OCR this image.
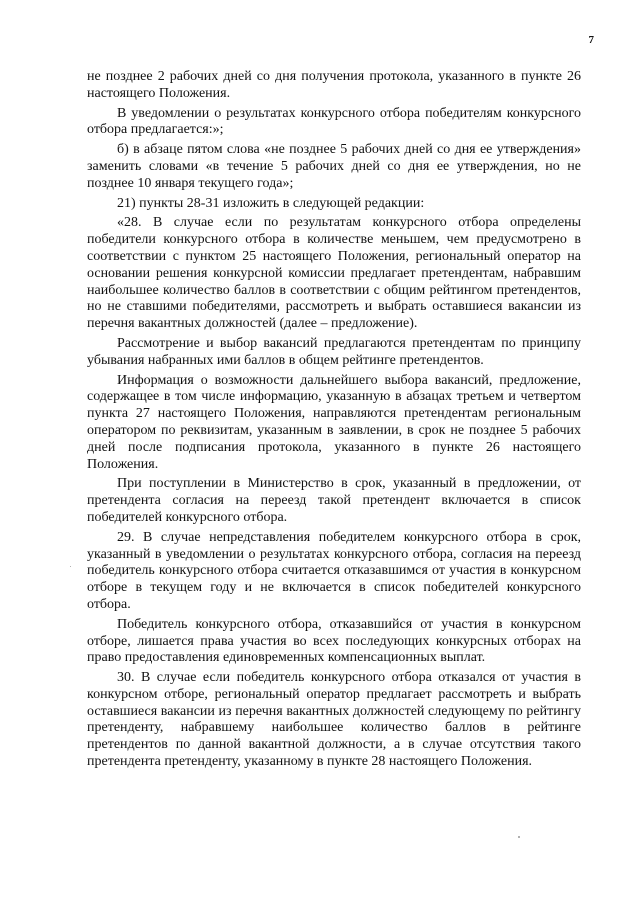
7

не позднее 2 рабочих дней со дня получения протокола, указанного в пункте 26 настоящего Положения.

В уведомлении о результатах конкурсного отбора победителям конкурсного отбора предлагается:»;

б) в абзаце пятом слова «не позднее 5 рабочих дней со дня ее утверждения» заменить словами «в течение 5 рабочих дней со дня ее утверждения, но не позднее 10 января текущего года»;

21) пункты 28-31 изложить в следующей редакции:

«28. В случае если по результатам конкурсного отбора определены победители конкурсного отбора в количестве меньшем, чем предусмотрено в соответствии с пунктом 25 настоящего Положения, региональный оператор на основании решения конкурсной комиссии предлагает претендентам, набравшим наибольшее количество баллов в соответствии с общим рейтингом претендентов, но не ставшими победителями, рассмотреть и выбрать оставшиеся вакансии из перечня вакантных должностей (далее – предложение).

Рассмотрение и выбор вакансий предлагаются претендентам по принципу убывания набранных ими баллов в общем рейтинге претендентов.

Информация о возможности дальнейшего выбора вакансий, предложение, содержащее в том числе информацию, указанную в абзацах третьем и четвертом пункта 27 настоящего Положения, направляются претендентам региональным оператором по реквизитам, указанным в заявлении, в срок не позднее 5 рабочих дней после подписания протокола, указанного в пункте 26 настоящего Положения.

При поступлении в Министерство в срок, указанный в предложении, от претендента согласия на переезд такой претендент включается в список победителей конкурсного отбора.

29. В случае непредставления победителем конкурсного отбора в срок, указанный в уведомлении о результатах конкурсного отбора, согласия на переезд победитель конкурсного отбора считается отказавшимся от участия в конкурсном отборе в текущем году и не включается в список победителей конкурсного отбора.

Победитель конкурсного отбора, отказавшийся от участия в конкурсном отборе, лишается права участия во всех последующих конкурсных отборах на право предоставления единовременных компенсационных выплат.

30. В случае если победитель конкурсного отбора отказался от участия в конкурсном отборе, региональный оператор предлагает рассмотреть и выбрать оставшиеся вакансии из перечня вакантных должностей следующему по рейтингу претенденту, набравшему наибольшее количество баллов в рейтинге претендентов по данной вакантной должности, а в случае отсутствия такого претендента претенденту, указанному в пункте 28 настоящего Положения.
